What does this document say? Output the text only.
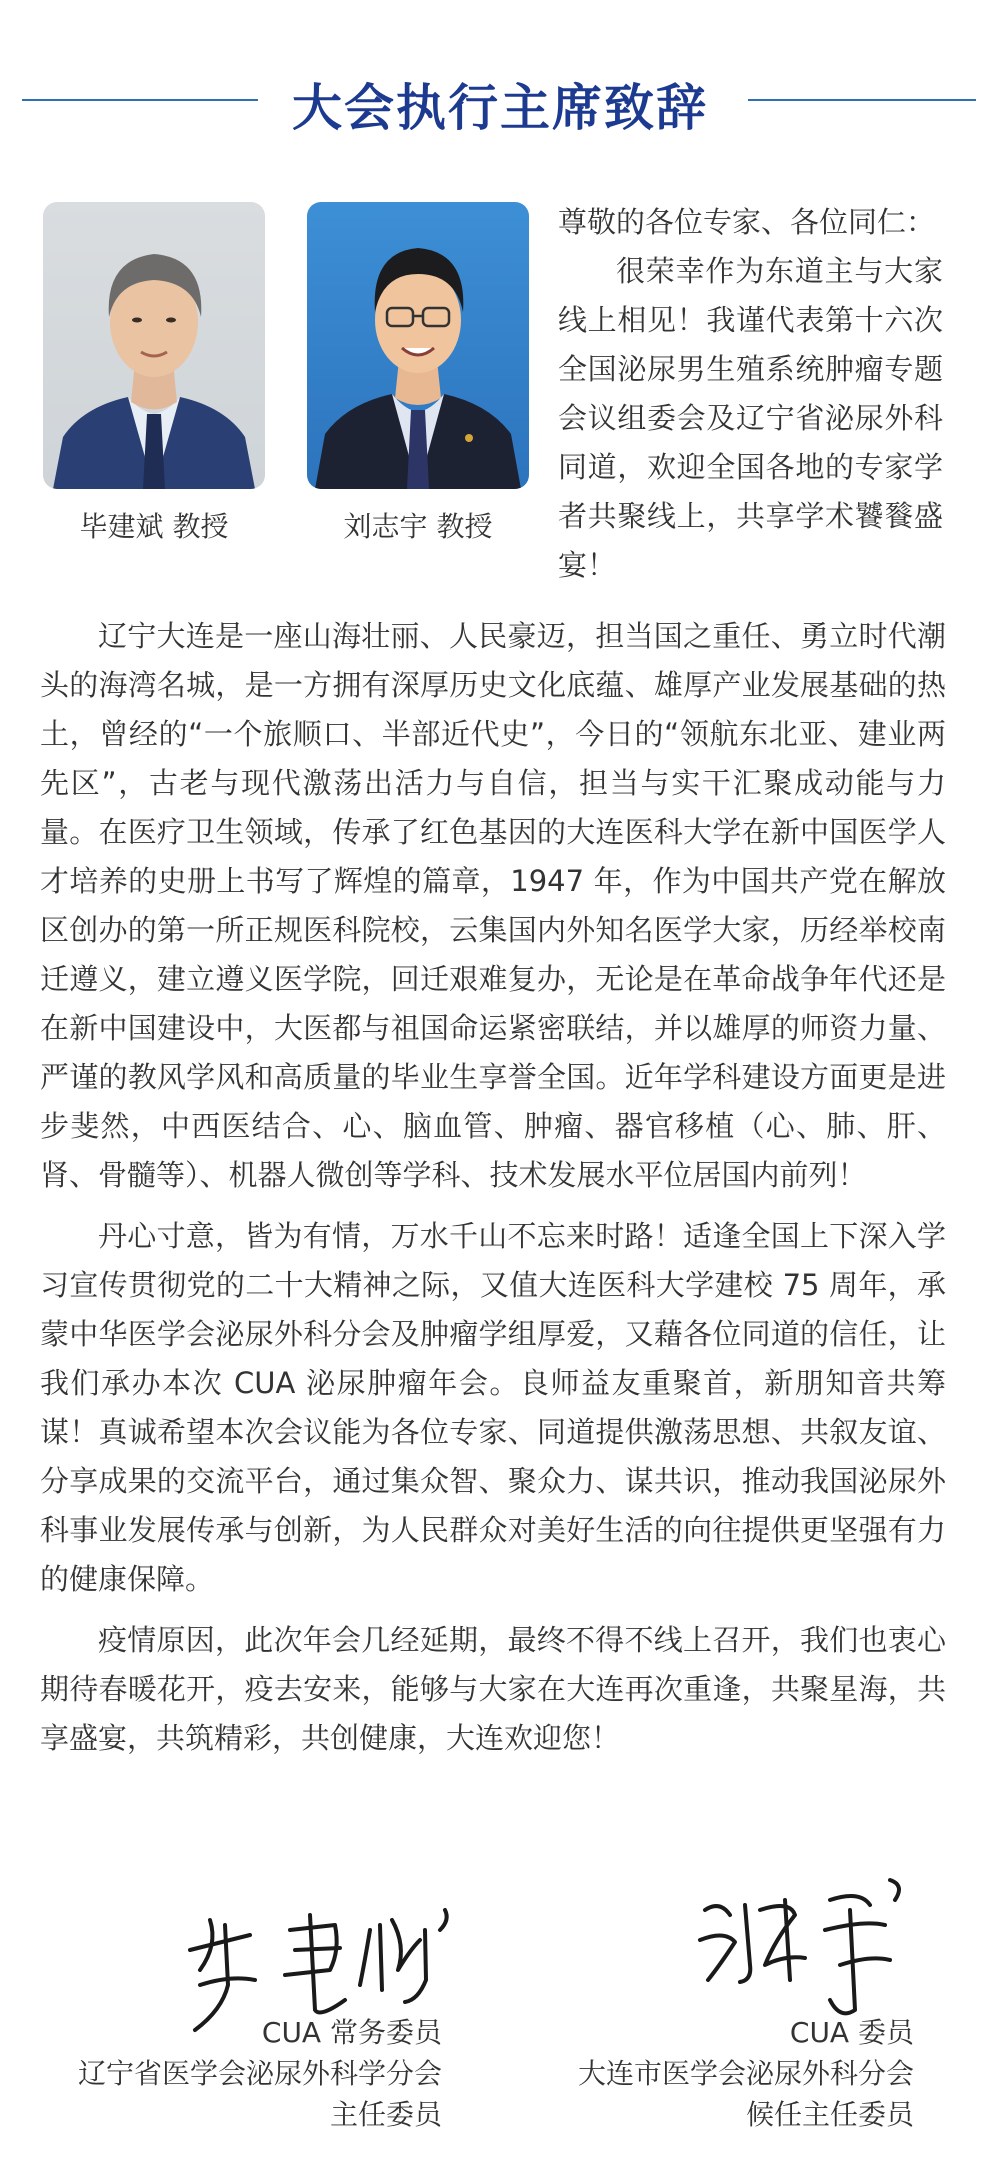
大会执行主席致辞
毕建斌 教授	刘志宇 教授
尊敬的各位专家、各位同仁：
很荣幸作为东道主与大家线上相见！我谨代表第十六次全国泌尿男生殖系统肿瘤专题会议组委会及辽宁省泌尿外科同道，欢迎全国各地的专家学者共聚线上，共享学术饕餮盛宴！

辽宁大连是一座山海壮丽、人民豪迈，担当国之重任、勇立时代潮头的海湾名城，是一方拥有深厚历史文化底蕴、雄厚产业发展基础的热土，曾经的“一个旅顺口、半部近代史”，今日的“领航东北亚、建业两先区”，古老与现代激荡出活力与自信，担当与实干汇聚成动能与力量。在医疗卫生领域，传承了红色基因的大连医科大学在新中国医学人才培养的史册上书写了辉煌的篇章，1947 年，作为中国共产党在解放区创办的第一所正规医科院校，云集国内外知名医学大家，历经举校南迁遵义，建立遵义医学院，回迁艰难复办，无论是在革命战争年代还是在新中国建设中，大医都与祖国命运紧密联结，并以雄厚的师资力量、严谨的教风学风和高质量的毕业生享誉全国。近年学科建设方面更是进步斐然，中西医结合、心、脑血管、肿瘤、器官移植（心、肺、肝、肾、骨髓等）、机器人微创等学科、技术发展水平位居国内前列！

丹心寸意，皆为有情，万水千山不忘来时路！适逢全国上下深入学习宣传贯彻党的二十大精神之际，又值大连医科大学建校 75 周年，承蒙中华医学会泌尿外科分会及肿瘤学组厚爱，又藉各位同道的信任，让我们承办本次 CUA 泌尿肿瘤年会。良师益友重聚首，新朋知音共筹谋！真诚希望本次会议能为各位专家、同道提供激荡思想、共叙友谊、分享成果的交流平台，通过集众智、聚众力、谋共识，推动我国泌尿外科事业发展传承与创新，为人民群众对美好生活的向往提供更坚强有力的健康保障。

疫情原因，此次年会几经延期，最终不得不线上召开，我们也衷心期待春暖花开，疫去安来，能够与大家在大连再次重逢，共聚星海，共享盛宴，共筑精彩，共创健康，大连欢迎您！

CUA 常务委员
辽宁省医学会泌尿外科学分会
主任委员
CUA 委员
大连市医学会泌尿外科分会
候任主任委员
